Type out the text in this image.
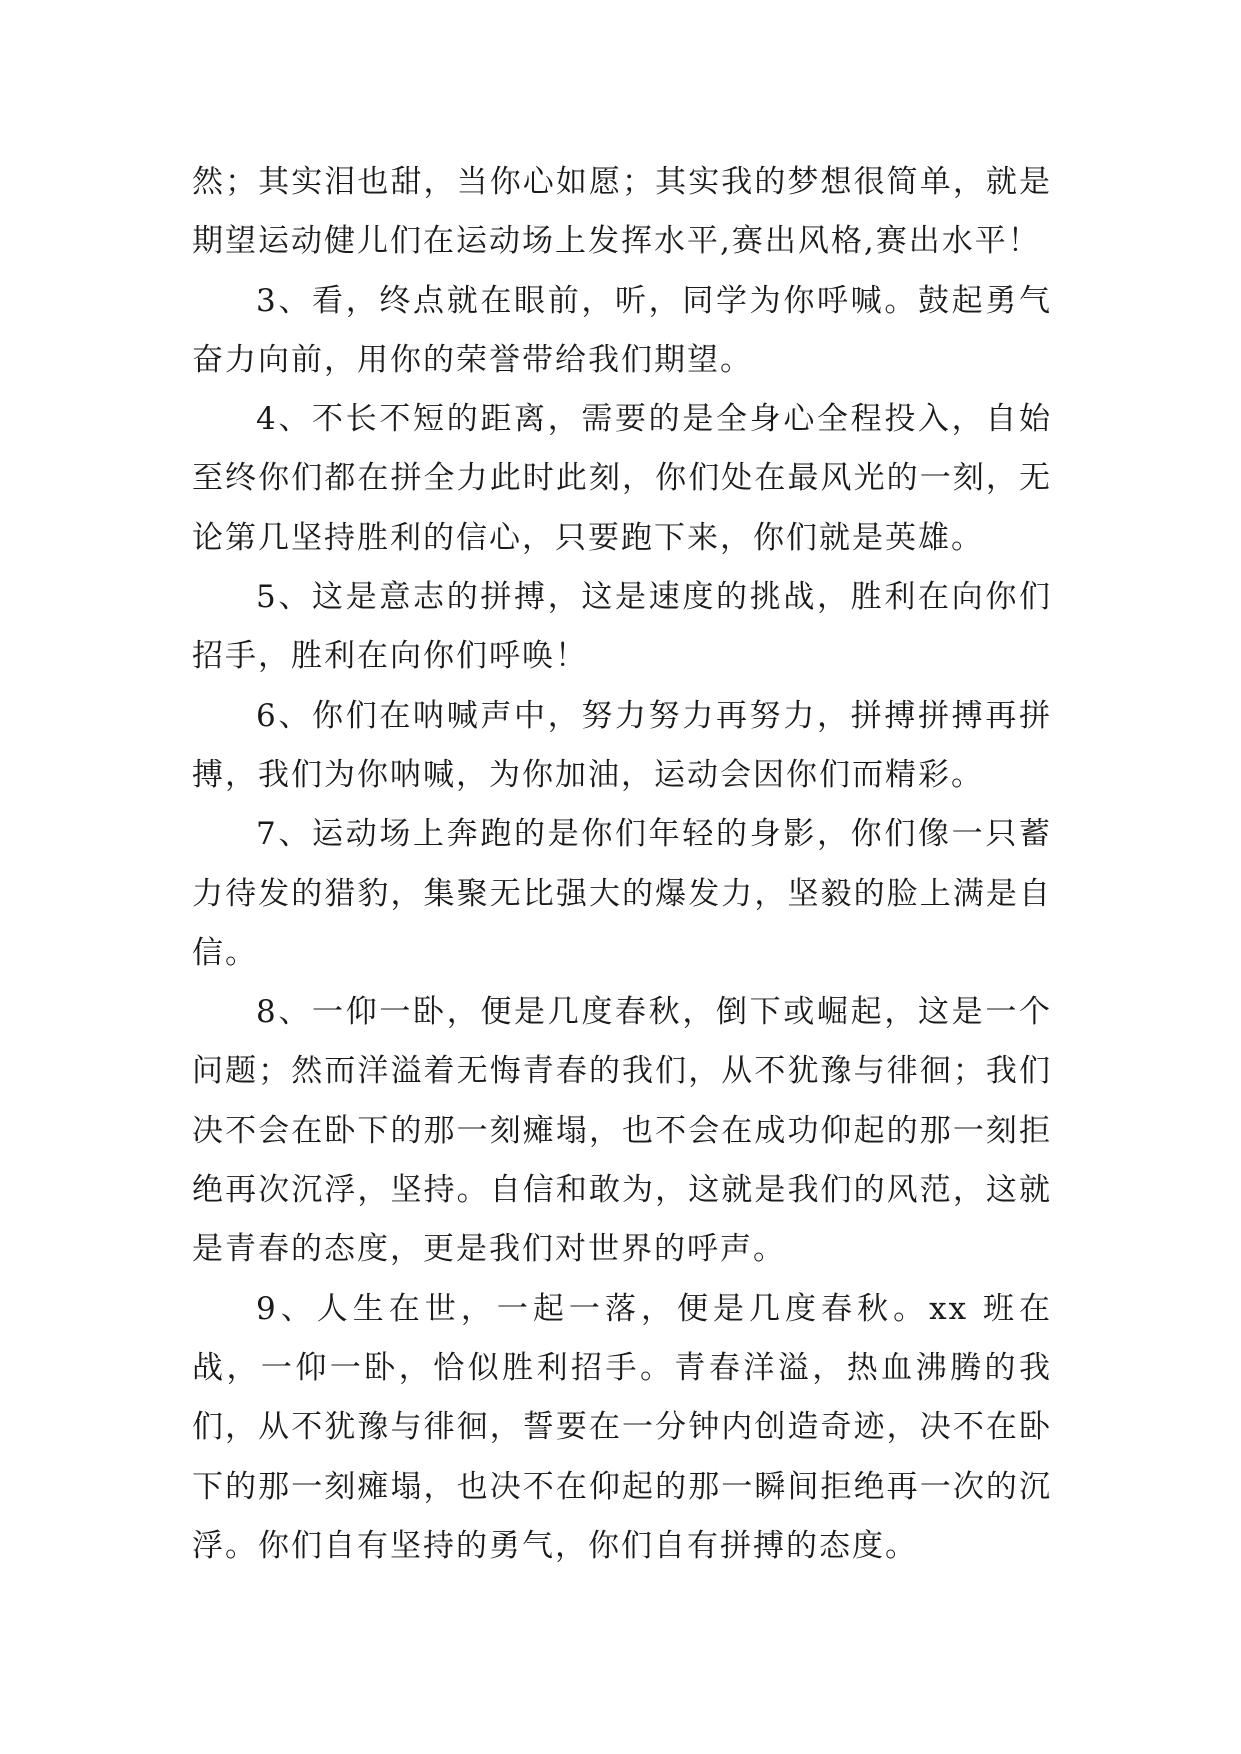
然；其实泪也甜，当你心如愿；其实我的梦想很简单，就是期望运动健儿们在运动场上发挥水平,赛出风格,赛出水平！

3、看，终点就在眼前，听，同学为你呼喊。鼓起勇气奋力向前，用你的荣誉带给我们期望。

4、不长不短的距离，需要的是全身心全程投入，自始至终你们都在拼全力此时此刻，你们处在最风光的一刻，无论第几坚持胜利的信心，只要跑下来，你们就是英雄。

5、这是意志的拼搏，这是速度的挑战，胜利在向你们招手，胜利在向你们呼唤！

6、你们在呐喊声中，努力努力再努力，拼搏拼搏再拼搏，我们为你呐喊，为你加油，运动会因你们而精彩。

7、运动场上奔跑的是你们年轻的身影，你们像一只蓄力待发的猎豹，集聚无比强大的爆发力，坚毅的脸上满是自信。

8、一仰一卧，便是几度春秋，倒下或崛起，这是一个问题；然而洋溢着无悔青春的我们，从不犹豫与徘徊；我们决不会在卧下的那一刻瘫塌，也不会在成功仰起的那一刻拒绝再次沉浮，坚持。自信和敢为，这就是我们的风范，这就是青春的态度，更是我们对世界的呼声。

9、人生在世，一起一落，便是几度春秋。xx 班在战，一仰一卧，恰似胜利招手。青春洋溢，热血沸腾的我们，从不犹豫与徘徊，誓要在一分钟内创造奇迹，决不在卧下的那一刻瘫塌，也决不在仰起的那一瞬间拒绝再一次的沉浮。你们自有坚持的勇气，你们自有拼搏的态度。
